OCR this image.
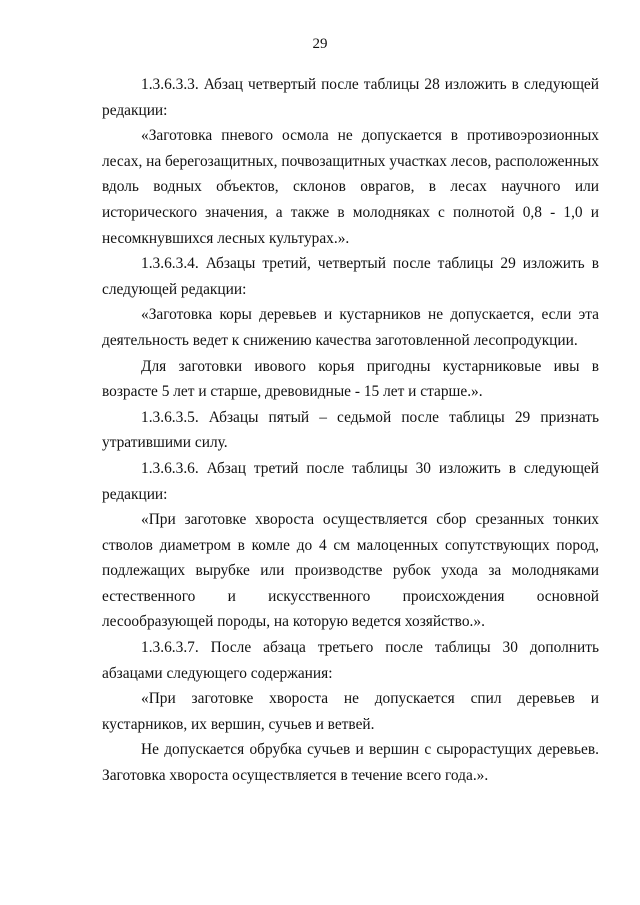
29

1.3.6.3.3. Абзац четвертый после таблицы 28 изложить в следующей редакции:

«Заготовка пневого осмола не допускается в противоэрозионных лесах, на берегозащитных, почвозащитных участках лесов, расположенных вдоль водных объектов, склонов оврагов, в лесах научного или исторического значения, а также в молодняках с полнотой 0,8 - 1,0 и несомкнувшихся лесных культурах.».

1.3.6.3.4. Абзацы третий, четвертый после таблицы 29 изложить в следующей редакции:

«Заготовка коры деревьев и кустарников не допускается, если эта деятельность ведет к снижению качества заготовленной лесопродукции.

Для заготовки ивового корья пригодны кустарниковые ивы в возрасте 5 лет и старше, древовидные - 15 лет и старше.».

1.3.6.3.5. Абзацы пятый – седьмой после таблицы 29 признать утратившими силу.

1.3.6.3.6. Абзац третий после таблицы 30 изложить в следующей редакции:

«При заготовке хвороста осуществляется сбор срезанных тонких стволов диаметром в комле до 4 см малоценных сопутствующих пород, подлежащих вырубке или производстве рубок ухода за молодняками естественного и искусственного происхождения основной лесообразующей породы, на которую ведется хозяйство.».

1.3.6.3.7. После абзаца третьего после таблицы 30 дополнить абзацами следующего содержания:

«При заготовке хвороста не допускается спил деревьев и кустарников, их вершин, сучьев и ветвей.

Не допускается обрубка сучьев и вершин с сырорастущих деревьев. Заготовка хвороста осуществляется в течение всего года.».
